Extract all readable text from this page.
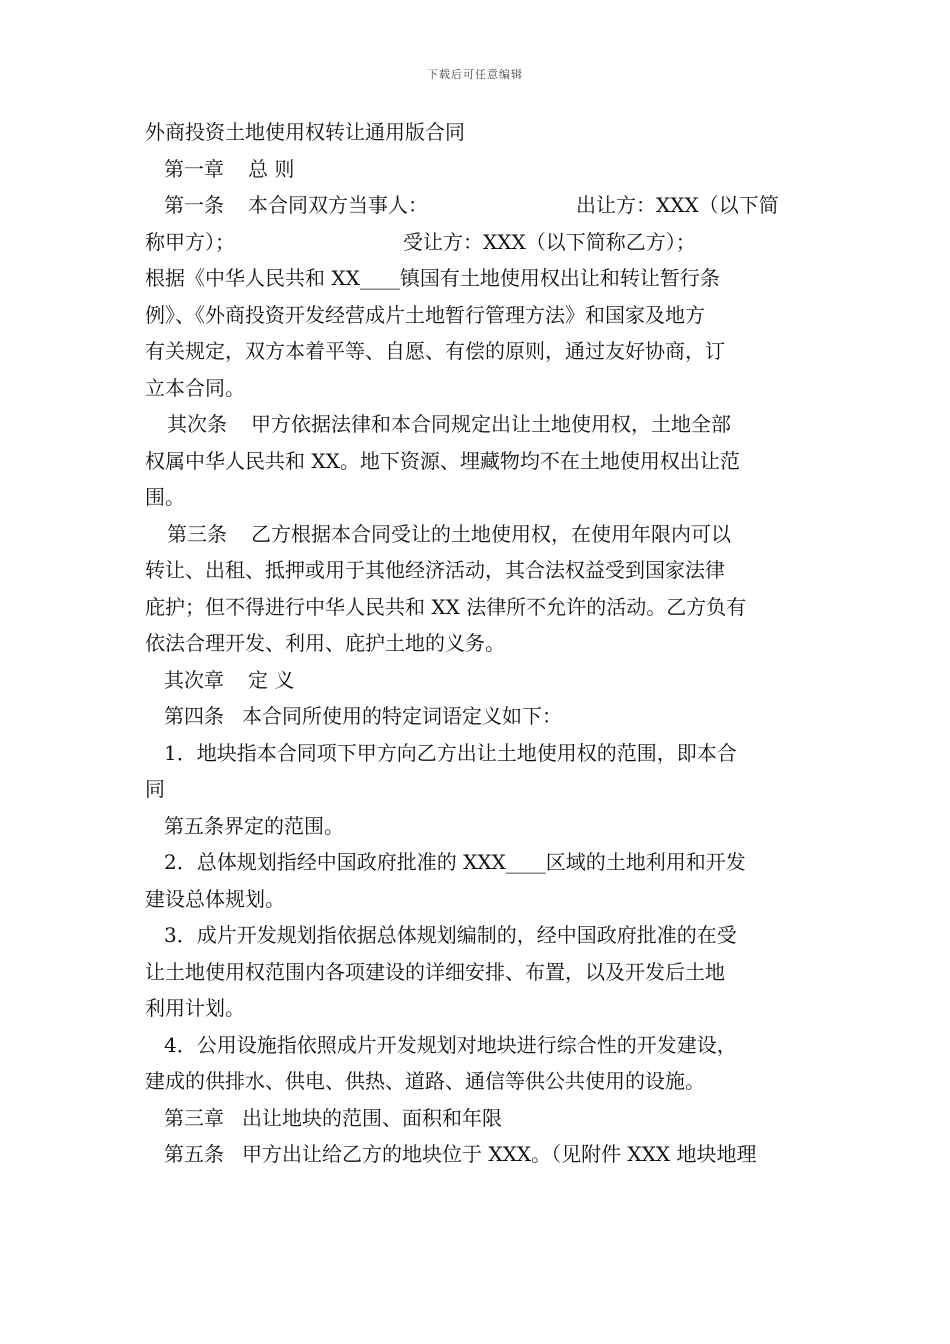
下载后可任意编辑
外商投资土地使用权转让通用版合同
第一章 总 则
第一条 本合同双方当事人：	出让方：XXX（以下简
称甲方）；	受让方：XXX（以下简称乙方）；
根据《中华人民共和 XX____镇国有土地使用权出让和转让暂行条
例》、《外商投资开发经营成片土地暂行管理方法》和国家及地方
有关规定，双方本着平等、自愿、有偿的原则，通过友好协商，订
立本合同。
其次条 甲方依据法律和本合同规定出让土地使用权，土地全部
权属中华人民共和 XX。地下资源、埋藏物均不在土地使用权出让范
围。
第三条 乙方根据本合同受让的土地使用权，在使用年限内可以
转让、出租、抵押或用于其他经济活动，其合法权益受到国家法律
庇护；但不得进行中华人民共和 XX 法律所不允许的活动。乙方负有
依法合理开发、利用、庇护土地的义务。
其次章 定 义
第四条 本合同所使用的特定词语定义如下：
1．地块指本合同项下甲方向乙方出让土地使用权的范围，即本合
同
第五条界定的范围。
2．总体规划指经中国政府批准的 XXX____区域的土地利用和开发
建设总体规划。
3．成片开发规划指依据总体规划编制的，经中国政府批准的在受
让土地使用权范围内各项建设的详细安排、布置，以及开发后土地
利用计划。
4．公用设施指依照成片开发规划对地块进行综合性的开发建设，
建成的供排水、供电、供热、道路、通信等供公共使用的设施。
第三章 出让地块的范围、面积和年限
第五条 甲方出让给乙方的地块位于 XXX。（见附件 XXX 地块地理
